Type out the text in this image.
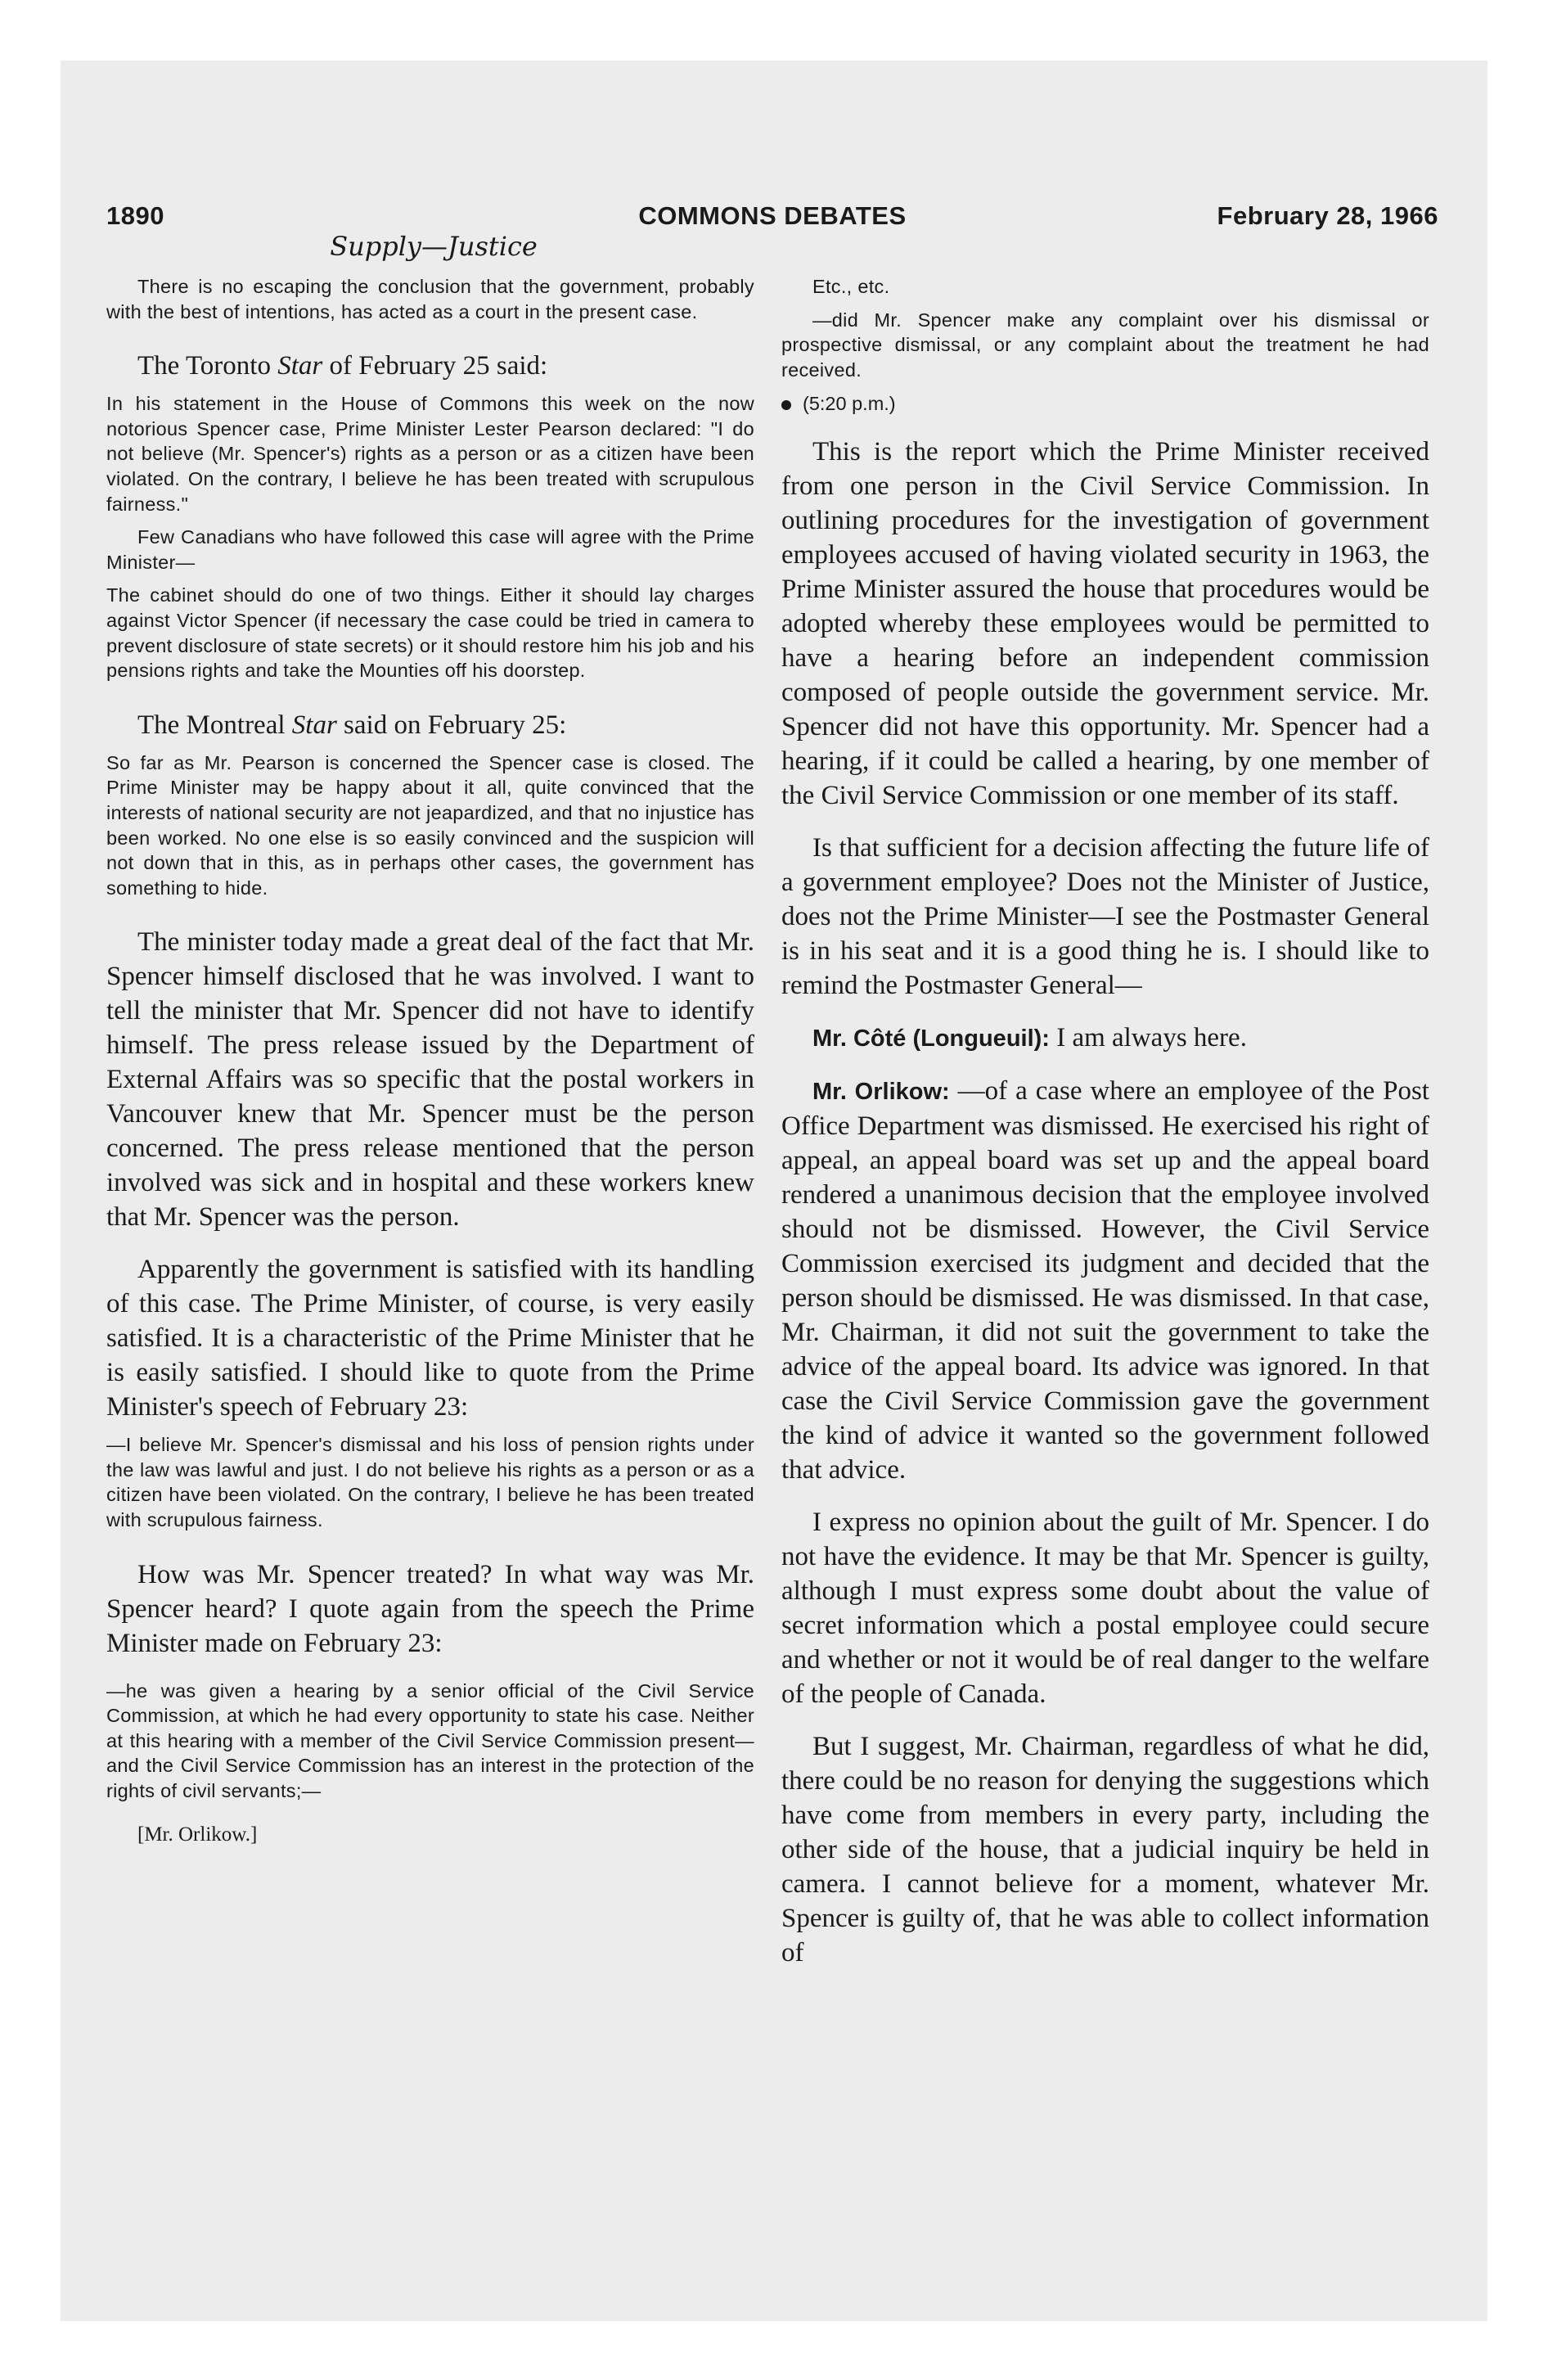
1890	COMMONS DEBATES	February 28, 1966
Supply—Justice

There is no escaping the conclusion that the government, probably with the best of intentions, has acted as a court in the present case.

The Toronto Star of February 25 said:

In his statement in the House of Commons this week on the now notorious Spencer case, Prime Minister Lester Pearson declared: "I do not believe (Mr. Spencer's) rights as a person or as a citizen have been violated. On the contrary, I believe he has been treated with scrupulous fairness."

Few Canadians who have followed this case will agree with the Prime Minister—

The cabinet should do one of two things. Either it should lay charges against Victor Spencer (if necessary the case could be tried in camera to prevent disclosure of state secrets) or it should restore him his job and his pensions rights and take the Mounties off his doorstep.

The Montreal Star said on February 25:

So far as Mr. Pearson is concerned the Spencer case is closed. The Prime Minister may be happy about it all, quite convinced that the interests of national security are not jeapardized, and that no injustice has been worked. No one else is so easily convinced and the suspicion will not down that in this, as in perhaps other cases, the government has something to hide.

The minister today made a great deal of the fact that Mr. Spencer himself disclosed that he was involved. I want to tell the minister that Mr. Spencer did not have to identify himself. The press release issued by the Department of External Affairs was so specific that the postal workers in Vancouver knew that Mr. Spencer must be the person concerned. The press release mentioned that the person involved was sick and in hospital and these workers knew that Mr. Spencer was the person.

Apparently the government is satisfied with its handling of this case. The Prime Minister, of course, is very easily satisfied. It is a characteristic of the Prime Minister that he is easily satisfied. I should like to quote from the Prime Minister's speech of February 23:

—I believe Mr. Spencer's dismissal and his loss of pension rights under the law was lawful and just. I do not believe his rights as a person or as a citizen have been violated. On the contrary, I believe he has been treated with scrupulous fairness.

How was Mr. Spencer treated? In what way was Mr. Spencer heard? I quote again from the speech the Prime Minister made on February 23:

—he was given a hearing by a senior official of the Civil Service Commission, at which he had every opportunity to state his case. Neither at this hearing with a member of the Civil Service Commission present—and the Civil Service Commission has an interest in the protection of the rights of civil servants;—

[Mr. Orlikow.]

Etc., etc.

—did Mr. Spencer make any complaint over his dismissal or prospective dismissal, or any complaint about the treatment he had received.

(5:20 p.m.)

This is the report which the Prime Minister received from one person in the Civil Service Commission. In outlining procedures for the investigation of government employees accused of having violated security in 1963, the Prime Minister assured the house that procedures would be adopted whereby these employees would be permitted to have a hearing before an independent commission composed of people outside the government service. Mr. Spencer did not have this opportunity. Mr. Spencer had a hearing, if it could be called a hearing, by one member of the Civil Service Commission or one member of its staff.

Is that sufficient for a decision affecting the future life of a government employee? Does not the Minister of Justice, does not the Prime Minister—I see the Postmaster General is in his seat and it is a good thing he is. I should like to remind the Postmaster General—

Mr. Côté (Longueuil): I am always here.

Mr. Orlikow: —of a case where an employee of the Post Office Department was dismissed. He exercised his right of appeal, an appeal board was set up and the appeal board rendered a unanimous decision that the employee involved should not be dismissed. However, the Civil Service Commission exercised its judgment and decided that the person should be dismissed. He was dismissed. In that case, Mr. Chairman, it did not suit the government to take the advice of the appeal board. Its advice was ignored. In that case the Civil Service Commission gave the government the kind of advice it wanted so the government followed that advice.

I express no opinion about the guilt of Mr. Spencer. I do not have the evidence. It may be that Mr. Spencer is guilty, although I must express some doubt about the value of secret information which a postal employee could secure and whether or not it would be of real danger to the welfare of the people of Canada.

But I suggest, Mr. Chairman, regardless of what he did, there could be no reason for denying the suggestions which have come from members in every party, including the other side of the house, that a judicial inquiry be held in camera. I cannot believe for a moment, whatever Mr. Spencer is guilty of, that he was able to collect information of
